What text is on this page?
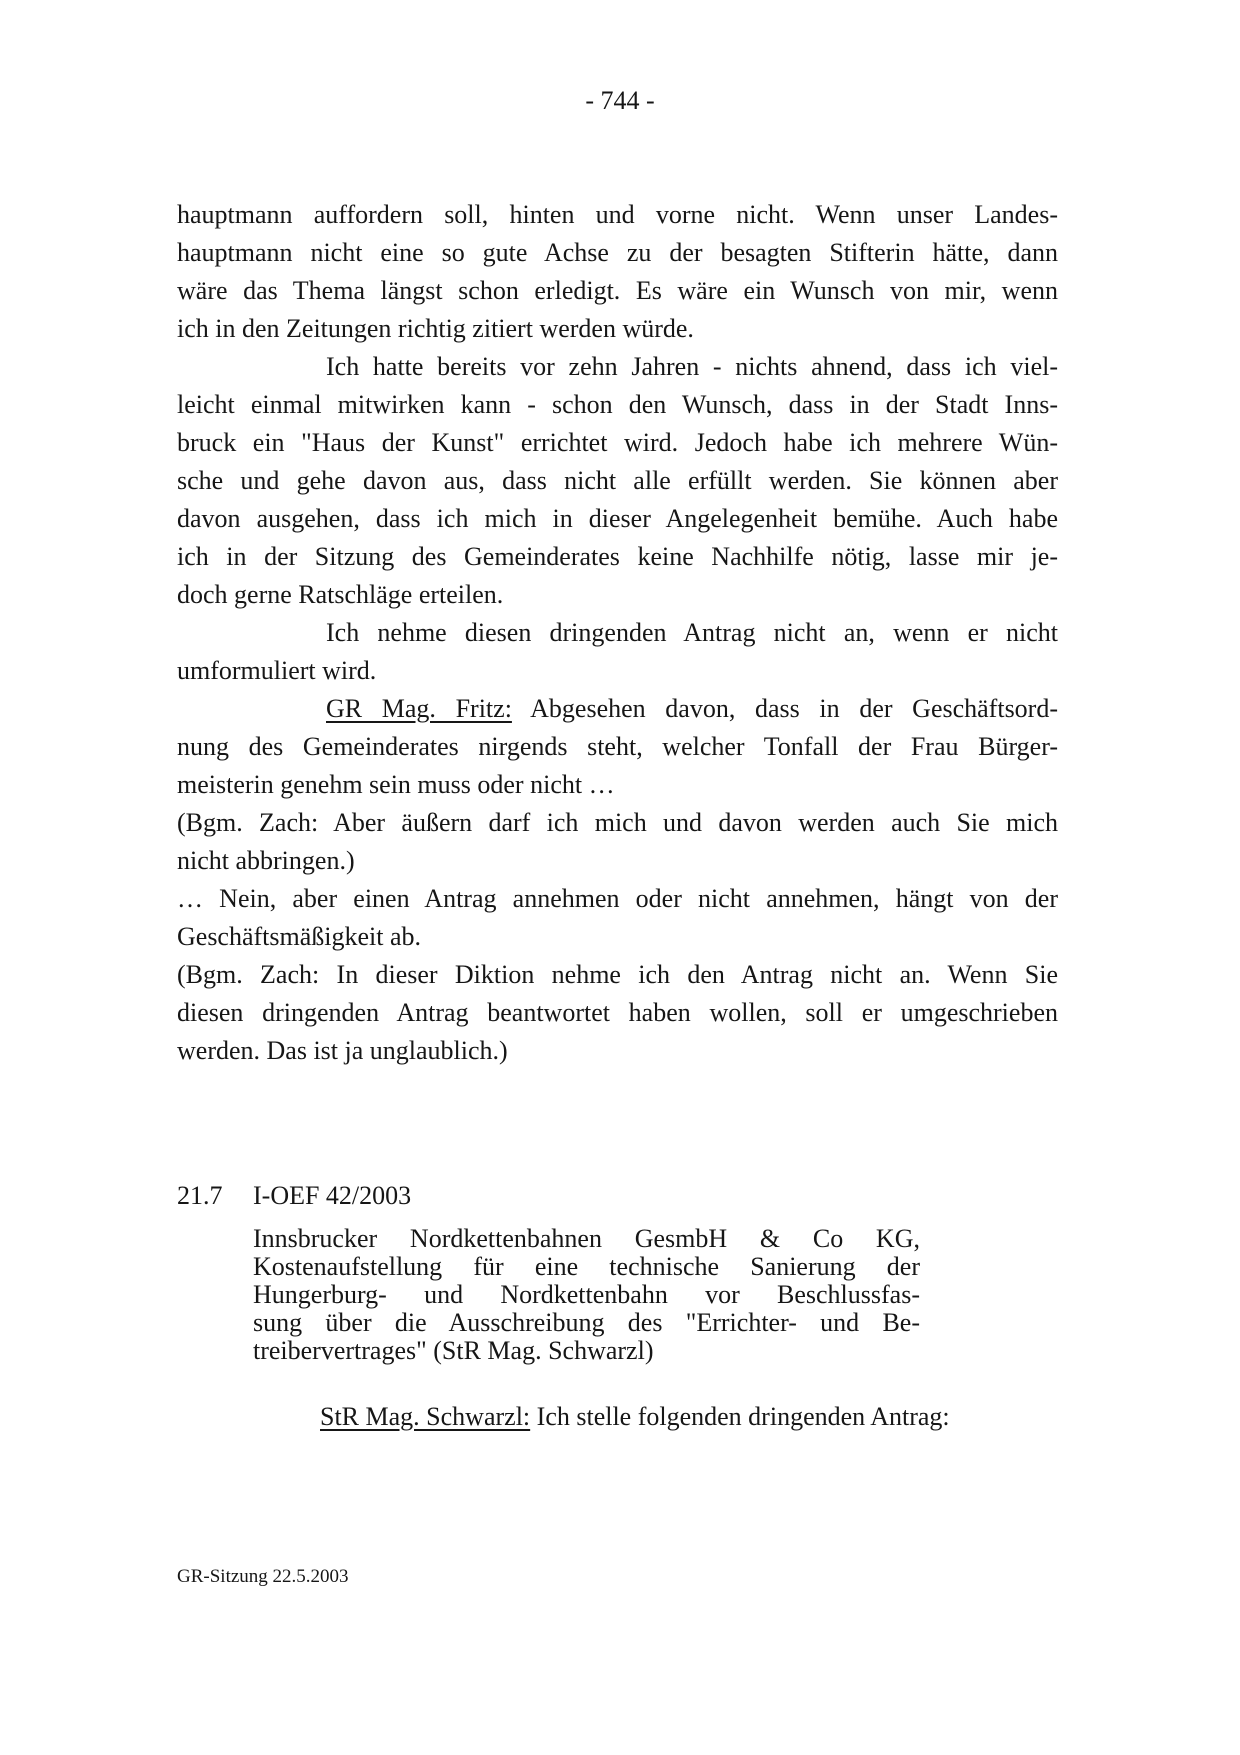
- 744 -
hauptmann auffordern soll, hinten und vorne nicht. Wenn unser Landes-
hauptmann nicht eine so gute Achse zu der besagten Stifterin hätte, dann
wäre das Thema längst schon erledigt. Es wäre ein Wunsch von mir, wenn
ich in den Zeitungen richtig zitiert werden würde.
Ich hatte bereits vor zehn Jahren - nichts ahnend, dass ich viel-
leicht einmal mitwirken kann - schon den Wunsch, dass in der Stadt Inns-
bruck ein "Haus der Kunst" errichtet wird. Jedoch habe ich mehrere Wün-
sche und gehe davon aus, dass nicht alle erfüllt werden. Sie können aber
davon ausgehen, dass ich mich in dieser Angelegenheit bemühe. Auch habe
ich in der Sitzung des Gemeinderates keine Nachhilfe nötig, lasse mir je-
doch gerne Ratschläge erteilen.
Ich nehme diesen dringenden Antrag nicht an, wenn er nicht
umformuliert wird.
GR Mag. Fritz: Abgesehen davon, dass in der Geschäftsord-
nung des Gemeinderates nirgends steht, welcher Tonfall der Frau Bürger-
meisterin genehm sein muss oder nicht …
(Bgm. Zach: Aber äußern darf ich mich und davon werden auch Sie mich
nicht abbringen.)
… Nein, aber einen Antrag annehmen oder nicht annehmen, hängt von der
Geschäftsmäßigkeit ab.
(Bgm. Zach: In dieser Diktion nehme ich den Antrag nicht an. Wenn Sie
diesen dringenden Antrag beantwortet haben wollen, soll er umgeschrieben
werden. Das ist ja unglaublich.)
21.7	I-OEF 42/2003
Innsbrucker Nordkettenbahnen GesmbH & Co KG,
Kostenaufstellung für eine technische Sanierung der
Hungerburg- und Nordkettenbahn vor Beschlussfas-
sung über die Ausschreibung des "Errichter- und Be-
treibervertrages" (StR Mag. Schwarzl)
StR Mag. Schwarzl: Ich stelle folgenden dringenden Antrag:
GR-Sitzung 22.5.2003
